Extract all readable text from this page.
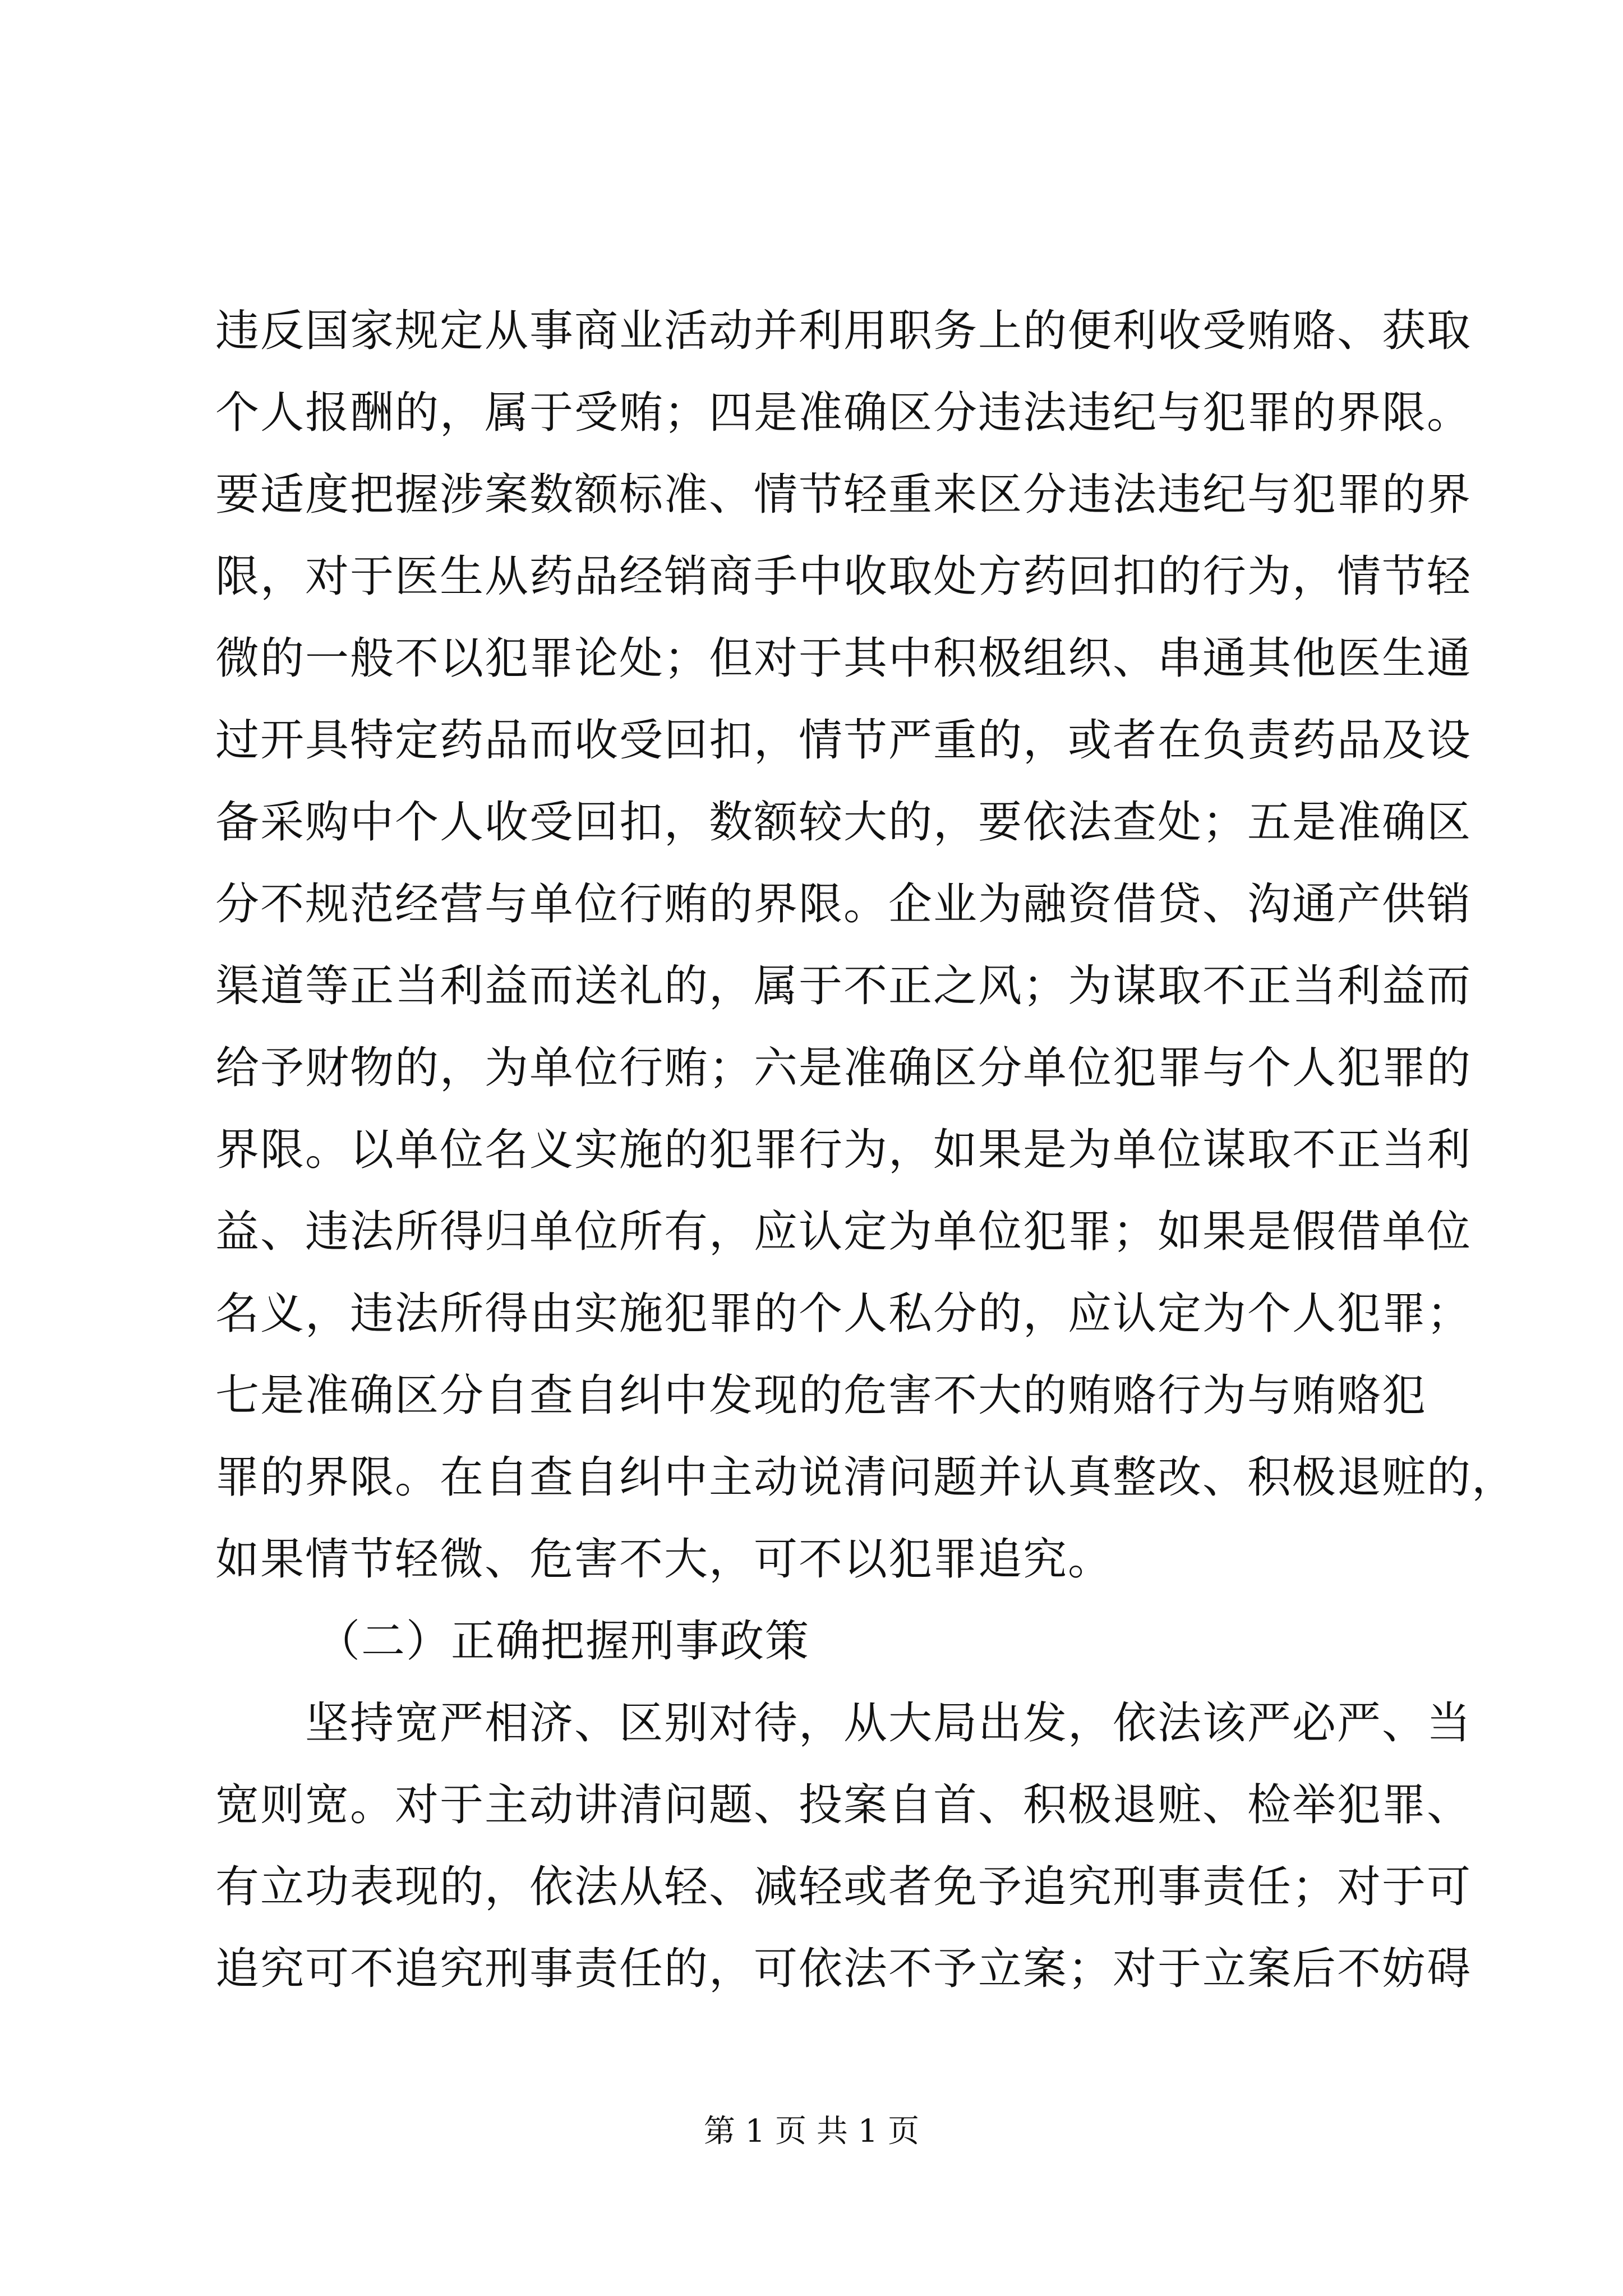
违反国家规定从事商业活动并利用职务上的便利收受贿赂、获取
个人报酬的，属于受贿；四是准确区分违法违纪与犯罪的界限。
要适度把握涉案数额标准、情节轻重来区分违法违纪与犯罪的界
限，对于医生从药品经销商手中收取处方药回扣的行为，情节轻
微的一般不以犯罪论处；但对于其中积极组织、串通其他医生通
过开具特定药品而收受回扣，情节严重的，或者在负责药品及设
备采购中个人收受回扣，数额较大的，要依法查处；五是准确区
分不规范经营与单位行贿的界限。企业为融资借贷、沟通产供销
渠道等正当利益而送礼的，属于不正之风；为谋取不正当利益而
给予财物的，为单位行贿；六是准确区分单位犯罪与个人犯罪的
界限。以单位名义实施的犯罪行为，如果是为单位谋取不正当利
益、违法所得归单位所有，应认定为单位犯罪；如果是假借单位
名义，违法所得由实施犯罪的个人私分的，应认定为个人犯罪；
七是准确区分自查自纠中发现的危害不大的贿赂行为与贿赂犯
罪的界限。在自查自纠中主动说清问题并认真整改、积极退赃的，
如果情节轻微、危害不大，可不以犯罪追究。
（二）正确把握刑事政策
坚持宽严相济、区别对待，从大局出发，依法该严必严、当
宽则宽。对于主动讲清问题、投案自首、积极退赃、检举犯罪、
有立功表现的，依法从轻、减轻或者免予追究刑事责任；对于可
追究可不追究刑事责任的，可依法不予立案；对于立案后不妨碍
第 1 页 共 1 页
